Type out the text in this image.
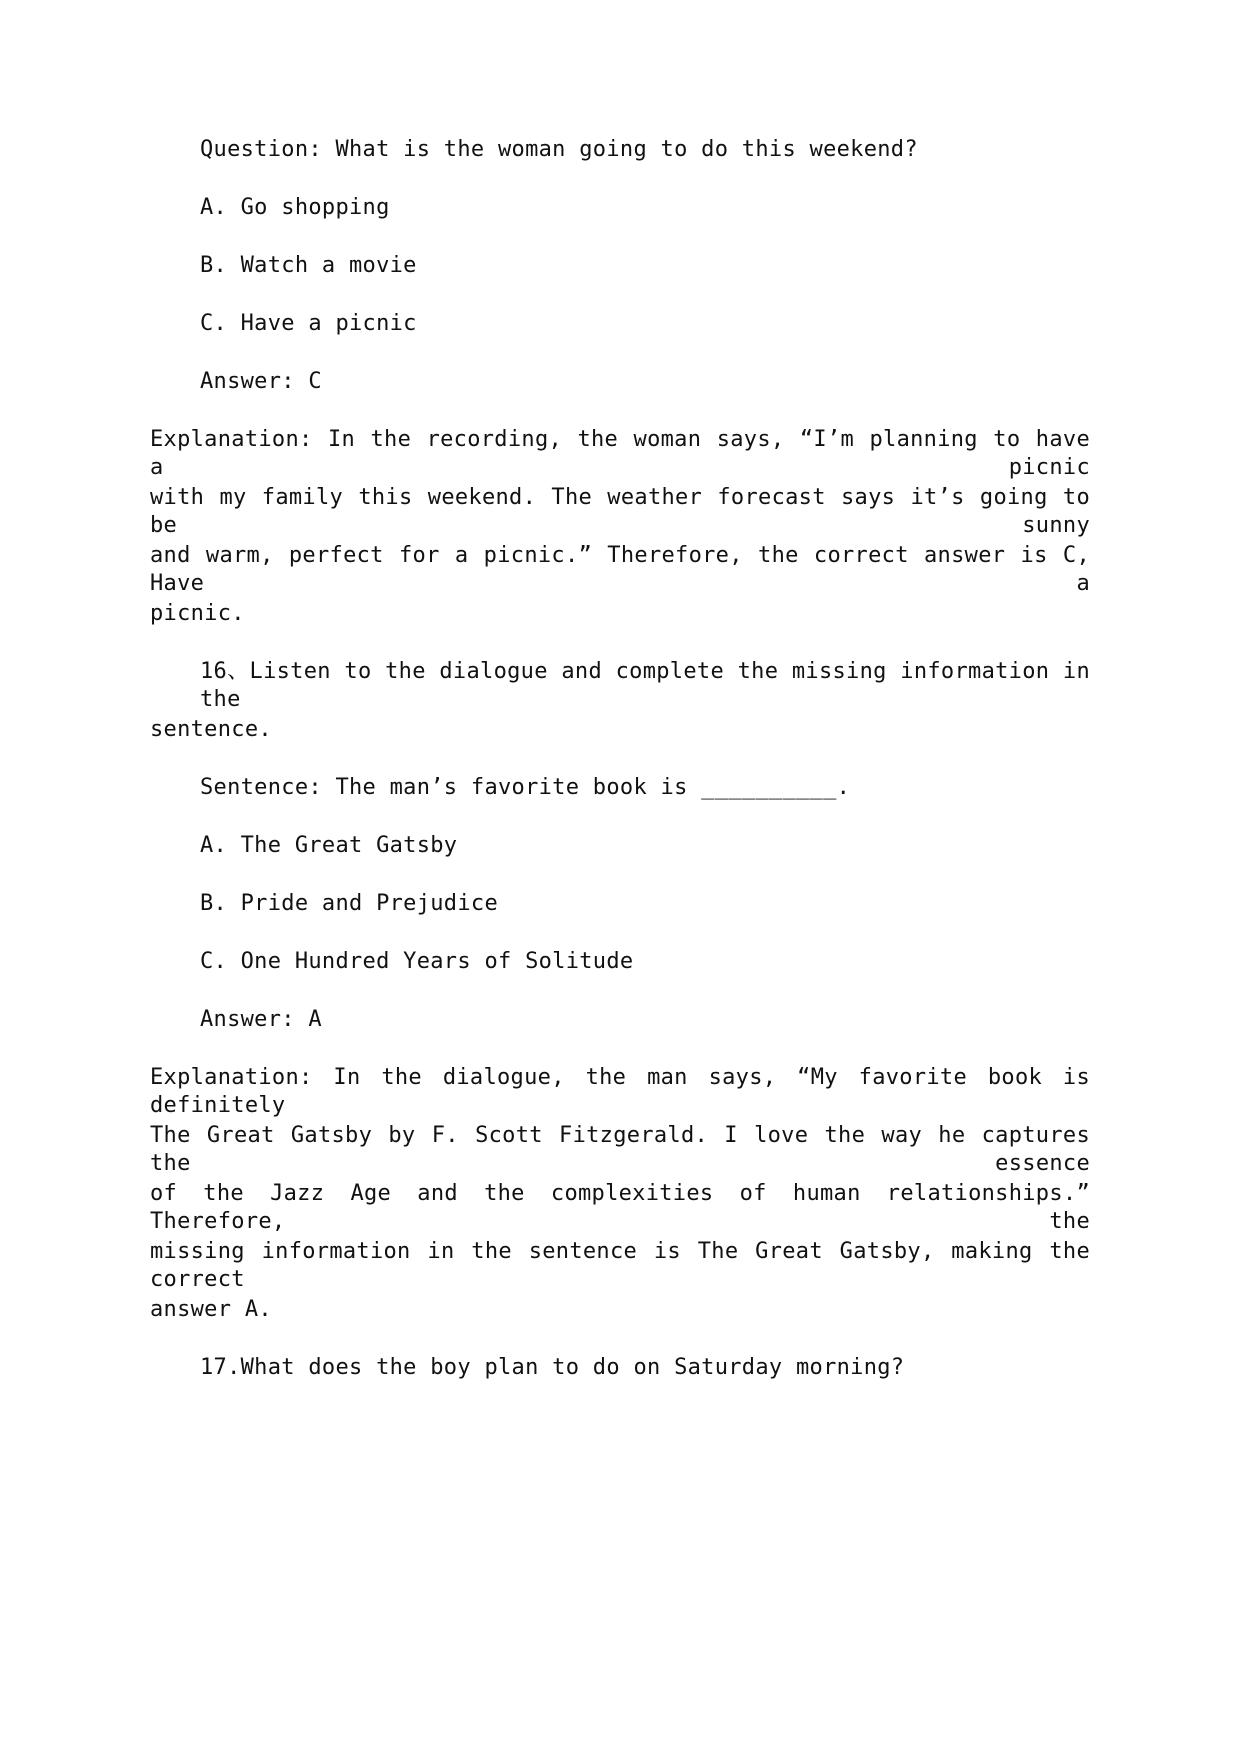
Question: What is the woman going to do this weekend?
A. Go shopping
B. Watch a movie
C. Have a picnic
Answer: C
Explanation: In the recording, the woman says, “I’m planning to have a picnic
with my family this weekend. The weather forecast says it’s going to be sunny
and warm, perfect for a picnic.” Therefore, the correct answer is C, Have a
picnic.
16、Listen to the dialogue and complete the missing information in the
sentence.
Sentence: The man’s favorite book is __________.
A. The Great Gatsby
B. Pride and Prejudice
C. One Hundred Years of Solitude
Answer: A
Explanation: In the dialogue, the man says, “My favorite book is definitely
The Great Gatsby by F. Scott Fitzgerald. I love the way he captures the essence
of the Jazz Age and the complexities of human relationships.” Therefore, the
missing information in the sentence is The Great Gatsby, making the correct
answer A.
17.What does the boy plan to do on Saturday morning?
